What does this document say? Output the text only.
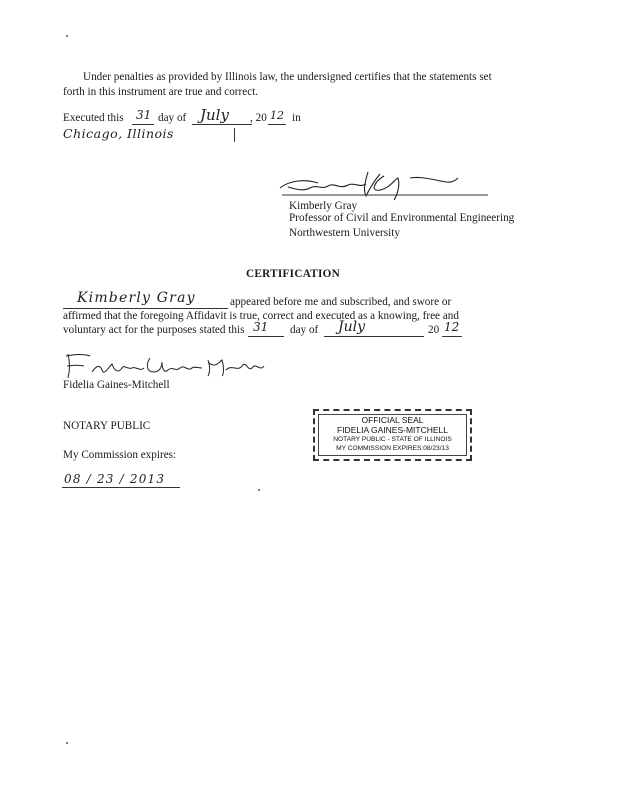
Under penalties as provided by Illinois law, the undersigned certifies that the statements set
forth in this instrument are true and correct.
Executed this 31 day of July , 20 12 in
Chicago, Illinois
Kimberly Gray
Professor of Civil and Environmental Engineering
Northwestern University
CERTIFICATION
Kimberly Gray	appeared before me and subscribed, and swore or
affirmed that the foregoing Affidavit is true, correct and executed as a knowing, free and
voluntary act for the purposes stated this 31 day of July	20 12
Fidelia Gaines-Mitchell
NOTARY PUBLIC
My Commission expires:
08 / 23 / 2013
OFFICIAL SEAL
FIDELIA GAINES-MITCHELL
NOTARY PUBLIC - STATE OF ILLINOIS
MY COMMISSION EXPIRES:08/23/13
